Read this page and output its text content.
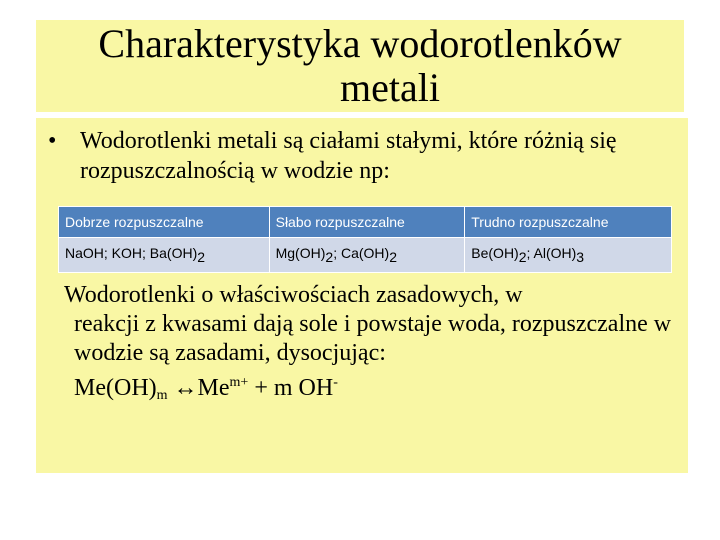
Charakterystyka wodorotlenków
metali
• Wodorotlenki metali są ciałami stałymi, które różnią się rozpuszczalnością w wodzie np:
Dobrze rozpuszczalne	Słabo rozpuszczalne	Trudno rozpuszczalne
NaOH; KOH; $Ba(OH)_2$	$Mg(OH)_2$; $Ca(OH)_2$	$Be(OH)_2$; $Al(OH)_3$
Wodorotlenki o właściwościach zasadowych, w
reakcji z kwasami dają sole i powstaje woda, rozpuszczalne w wodzie są zasadami, dysocjując:
$Me(OH)_m$ $\leftrightarrow Me^{m+} + m$ OH-
